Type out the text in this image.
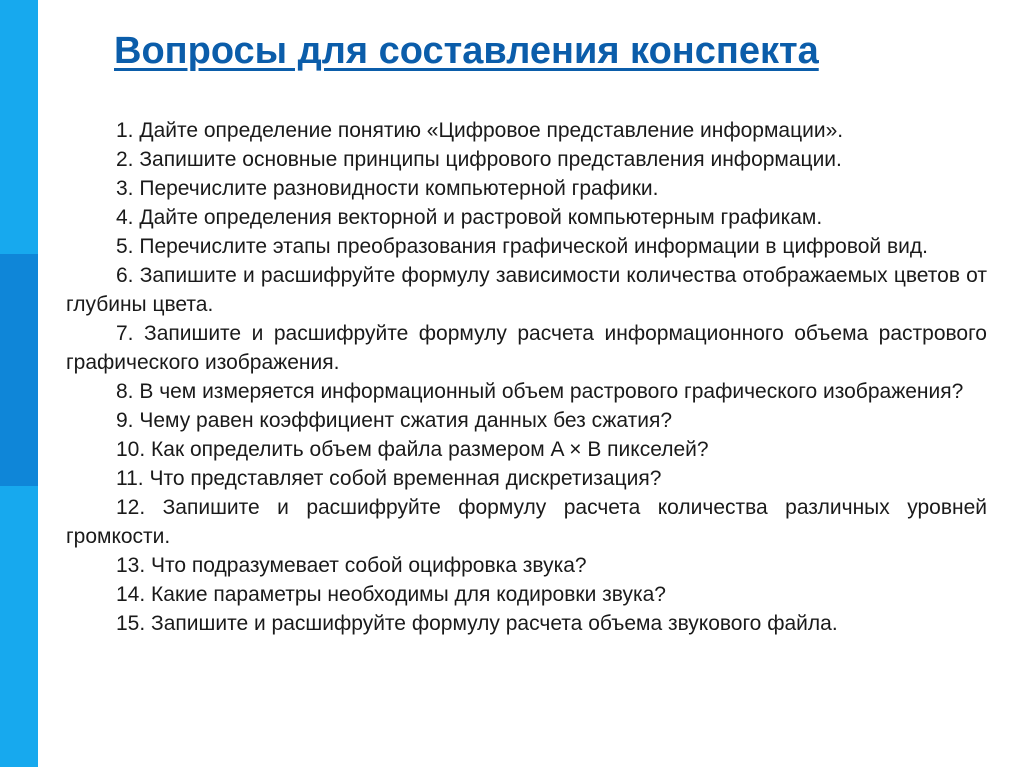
Вопросы для составления конспекта
1. Дайте определение понятию «Цифровое представление информации».
2. Запишите основные принципы цифрового представления информации.
3. Перечислите разновидности компьютерной графики.
4. Дайте определения векторной и растровой компьютерным графикам.
5. Перечислите этапы преобразования графической информации в цифровой вид.
6. Запишите и расшифруйте формулу зависимости количества отображаемых цветов от глубины цвета.
7. Запишите и расшифруйте формулу расчета информационного объема растрового графического изображения.
8. В чем измеряется информационный объем растрового графического изображения?
9. Чему равен коэффициент сжатия данных без сжатия?
10. Как определить объем файла размером A × B пикселей?
11. Что представляет собой временная дискретизация?
12. Запишите и расшифруйте формулу расчета количества различных уровней громкости.
13. Что подразумевает собой оцифровка звука?
14. Какие параметры необходимы для кодировки звука?
15. Запишите и расшифруйте формулу расчета объема звукового файла.
